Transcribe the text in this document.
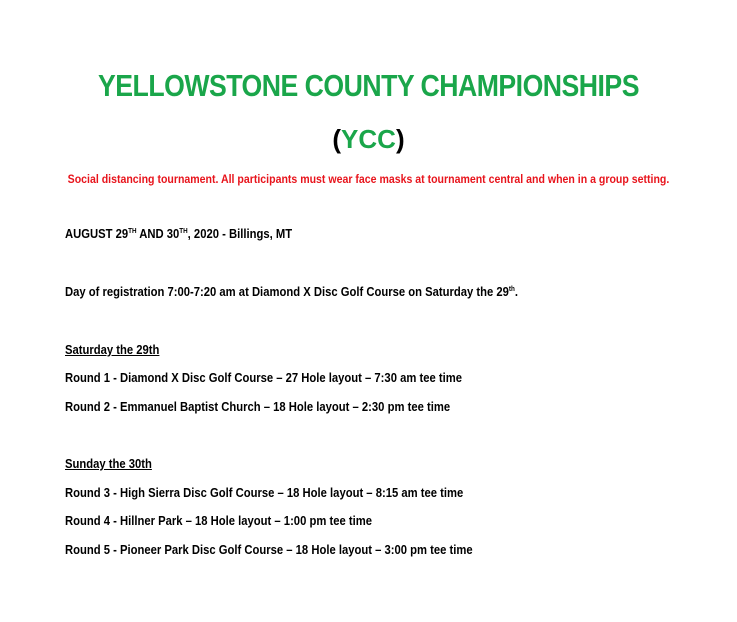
YELLOWSTONE COUNTY CHAMPIONSHIPS
(YCC)
Social distancing tournament. All participants must wear face masks at tournament central and when in a group setting.
AUGUST 29TH AND 30TH, 2020 - Billings, MT
Day of registration 7:00-7:20 am at Diamond X Disc Golf Course on Saturday the 29th.
Saturday the 29th
Round 1 - Diamond X Disc Golf Course – 27 Hole layout – 7:30 am tee time
Round 2 - Emmanuel Baptist Church – 18 Hole layout – 2:30 pm tee time
Sunday the 30th
Round 3 - High Sierra Disc Golf Course – 18 Hole layout – 8:15 am tee time
Round 4 - Hillner Park – 18 Hole layout – 1:00 pm tee time
Round 5 - Pioneer Park Disc Golf Course – 18 Hole layout – 3:00 pm tee time
